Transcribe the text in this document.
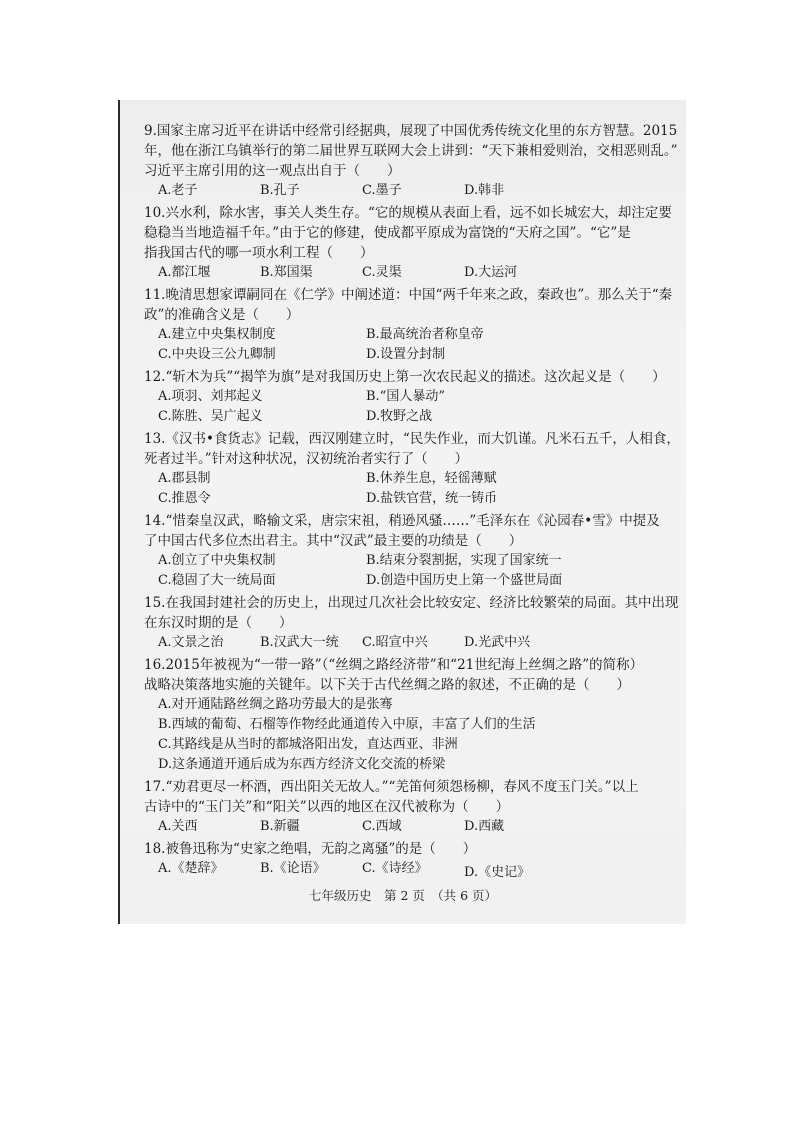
9.国家主席习近平在讲话中经常引经据典，展现了中国优秀传统文化里的东方智慧。2015
年，他在浙江乌镇举行的第二届世界互联网大会上讲到：“天下兼相爱则治，交相恶则乱。”
习近平主席引用的这一观点出自于（　　）
A.老子	B.孔子	C.墨子	D.韩非
10.兴水利，除水害，事关人类生存。“它的规模从表面上看，远不如长城宏大，却注定要
稳稳当当地造福千年。”由于它的修建，使成都平原成为富饶的“天府之国”。“它”是
指我国古代的哪一项水利工程（　　）
A.都江堰	B.郑国渠	C.灵渠	D.大运河
11.晚清思想家谭嗣同在《仁学》中阐述道：中国“两千年来之政，秦政也”。那么关于“秦
政”的准确含义是（　　）
A.建立中央集权制度	B.最高统治者称皇帝
C.中央设三公九卿制	D.设置分封制
12.“斩木为兵”“揭竿为旗”是对我国历史上第一次农民起义的描述。这次起义是（　　）
A.项羽、刘邦起义	B.“国人暴动”
C.陈胜、吴广起义	D.牧野之战
13.《汉书•食货志》记载，西汉刚建立时，“民失作业，而大饥谨。凡米石五千，人相食，
死者过半。”针对这种状况，汉初统治者实行了（　　）
A.郡县制	B.休养生息，轻徭薄赋
C.推恩令	D.盐铁官营，统一铸币
14.“惜秦皇汉武，略输文采，唐宗宋祖，稍逊风骚……”毛泽东在《沁园春•雪》中提及
了中国古代多位杰出君主。其中“汉武”最主要的功绩是（　　）
A.创立了中央集权制	B.结束分裂割据，实现了国家统一
C.稳固了大一统局面	D.创造中国历史上第一个盛世局面
15.在我国封建社会的历史上，出现过几次社会比较安定、经济比较繁荣的局面。其中出现
在东汉时期的是（　　）
A.文景之治	B.汉武大一统 C.昭宣中兴	D.光武中兴
16.2015年被视为“一带一路”（“丝绸之路经济带”和“21世纪海上丝绸之路”的简称）
战略决策落地实施的关键年。以下关于古代丝绸之路的叙述，不正确的是（　　）
A.对开通陆路丝绸之路功劳最大的是张骞
B.西域的葡萄、石榴等作物经此通道传入中原，丰富了人们的生活
C.其路线是从当时的都城洛阳出发，直达西亚、非洲
D.这条通道开通后成为东西方经济文化交流的桥梁
17.“劝君更尽一杯酒，西出阳关无故人。”“羌笛何须怨杨柳，春风不度玉门关。”以上
古诗中的“玉门关”和“阳关”以西的地区在汉代被称为（　　）
A.关西	B.新疆	C.西域	D.西藏
18.被鲁迅称为“史家之绝唱，无韵之离骚”的是（　　）
A.《楚辞》	B.《论语》	C.《诗经》	D.《史记》
七年级历史　第 2 页　（共 6 页）
